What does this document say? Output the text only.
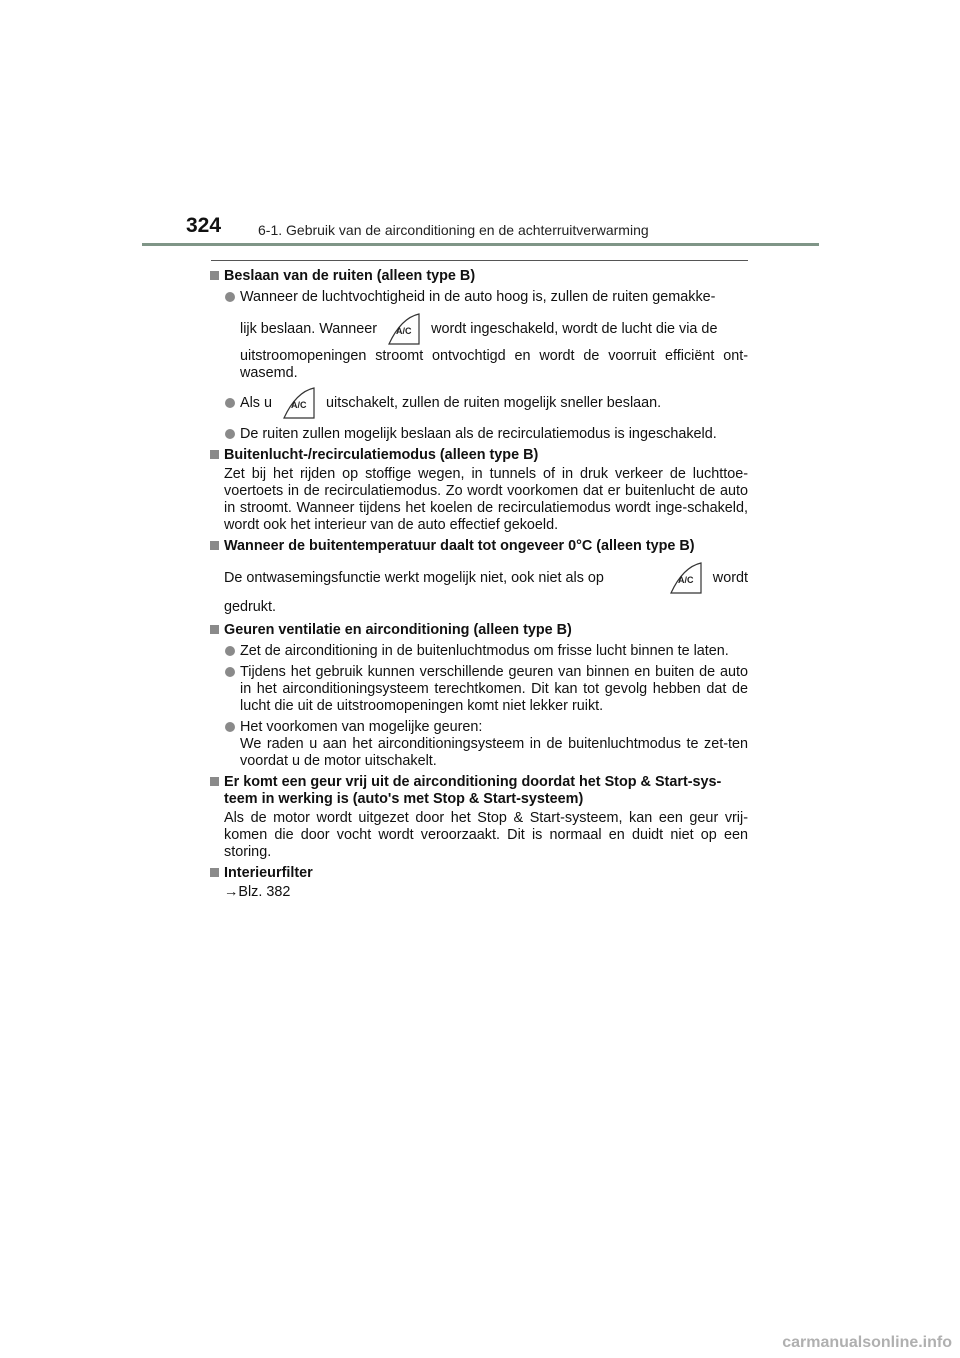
324	6-1. Gebruik van de airconditioning en de achterruitverwarming
Beslaan van de ruiten (alleen type B)
Wanneer de luchtvochtigheid in de auto hoog is, zullen de ruiten gemakke-
lijk beslaan. Wanneer A/C wordt ingeschakeld, wordt de lucht die via de
uitstroomopeningen stroomt ontvochtigd en wordt de voorruit efficiënt ont-wasemd.
Als u A/C uitschakelt, zullen de ruiten mogelijk sneller beslaan.
De ruiten zullen mogelijk beslaan als de recirculatiemodus is ingeschakeld.
Buitenlucht-/recirculatiemodus (alleen type B)
Zet bij het rijden op stoffige wegen, in tunnels of in druk verkeer de luchttoe-voertoets in de recirculatiemodus. Zo wordt voorkomen dat er buitenlucht de auto in stroomt. Wanneer tijdens het koelen de recirculatiemodus wordt inge-schakeld, wordt ook het interieur van de auto effectief gekoeld.
Wanneer de buitentemperatuur daalt tot ongeveer 0°C (alleen type B)
De ontwasemingsfunctie werkt mogelijk niet, ook niet als op	A/C wordt
gedrukt.
Geuren ventilatie en airconditioning (alleen type B)
Zet de airconditioning in de buitenluchtmodus om frisse lucht binnen te laten.
Tijdens het gebruik kunnen verschillende geuren van binnen en buiten de auto in het airconditioningsysteem terechtkomen. Dit kan tot gevolg hebben dat de lucht die uit de uitstroomopeningen komt niet lekker ruikt.
Het voorkomen van mogelijke geuren:
We raden u aan het airconditioningsysteem in de buitenluchtmodus te zet-ten voordat u de motor uitschakelt.
Er komt een geur vrij uit de airconditioning doordat het Stop & Start-sys-teem in werking is (auto's met Stop & Start-systeem)
Als de motor wordt uitgezet door het Stop & Start-systeem, kan een geur vrij-komen die door vocht wordt veroorzaakt. Dit is normaal en duidt niet op een storing.
Interieurfilter
→Blz. 382
carmanualsonline.info
